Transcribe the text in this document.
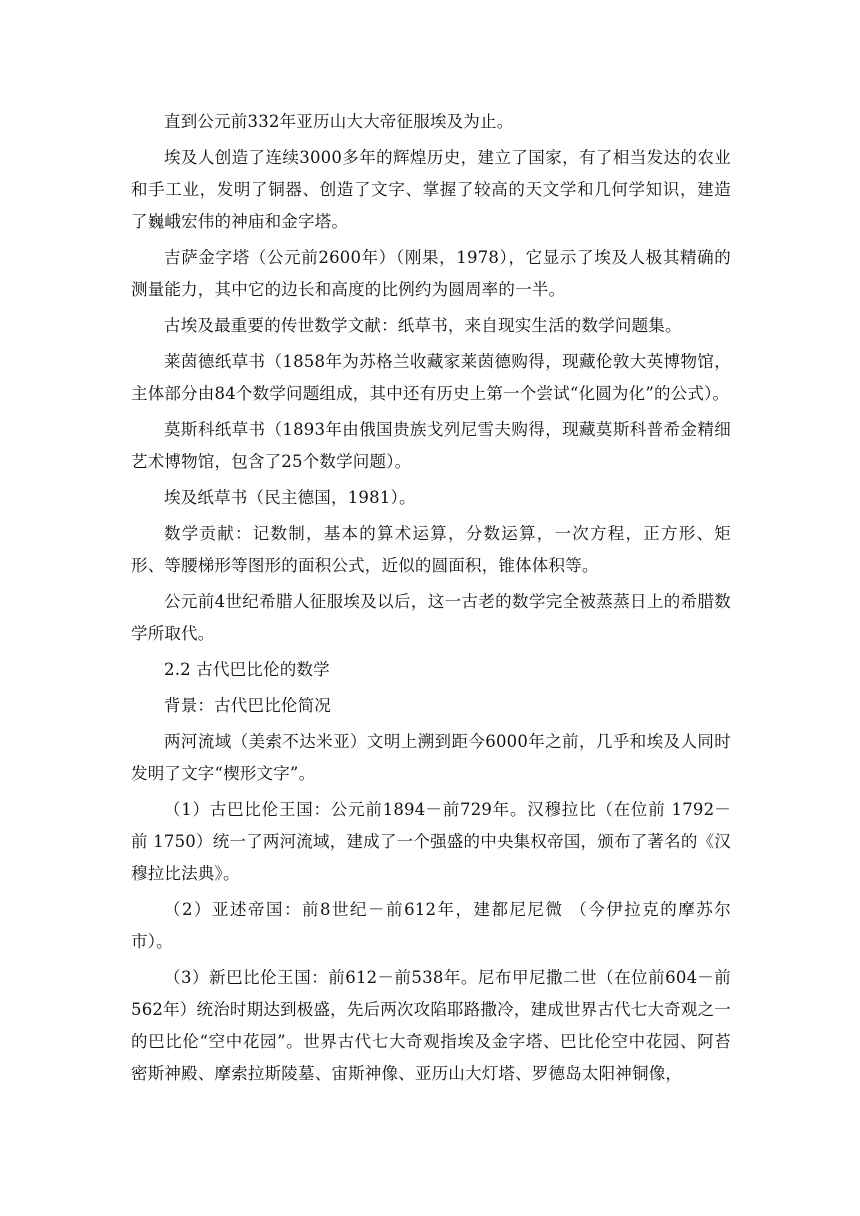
直到公元前332年亚历山大大帝征服埃及为止。

埃及人创造了连续3000多年的辉煌历史，建立了国家，有了相当发达的农业和手工业，发明了铜器、创造了文字、掌握了较高的天文学和几何学知识，建造了巍峨宏伟的神庙和金字塔。

吉萨金字塔（公元前2600年）（刚果，1978），它显示了埃及人极其精确的测量能力，其中它的边长和高度的比例约为圆周率的一半。

古埃及最重要的传世数学文献：纸草书，来自现实生活的数学问题集。

莱茵德纸草书（1858年为苏格兰收藏家莱茵德购得，现藏伦敦大英博物馆，主体部分由84个数学问题组成，其中还有历史上第一个尝试“化圆为化”的公式）。

莫斯科纸草书（1893年由俄国贵族戈列尼雪夫购得，现藏莫斯科普希金精细艺术博物馆，包含了25个数学问题）。

埃及纸草书（民主德国，1981）。

数学贡献：记数制，基本的算术运算，分数运算，一次方程，正方形、矩形、等腰梯形等图形的面积公式，近似的圆面积，锥体体积等。

公元前4世纪希腊人征服埃及以后，这一古老的数学完全被蒸蒸日上的希腊数学所取代。

2.2 古代巴比伦的数学

背景：古代巴比伦简况

两河流域（美索不达米亚）文明上溯到距今6000年之前，几乎和埃及人同时发明了文字“楔形文字”。

（1）古巴比伦王国：公元前1894－前729年。汉穆拉比（在位前 1792－前 1750）统一了两河流域，建成了一个强盛的中央集权帝国，颁布了著名的《汉穆拉比法典》。

（2）亚述帝国：前8世纪－前612年，建都尼尼微 （今伊拉克的摩苏尔市）。

（3）新巴比伦王国：前612－前538年。尼布甲尼撒二世（在位前604－前562年）统治时期达到极盛，先后两次攻陷耶路撒冷，建成世界古代七大奇观之一的巴比伦“空中花园”。世界古代七大奇观指埃及金字塔、巴比伦空中花园、阿苔密斯神殿、摩索拉斯陵墓、宙斯神像、亚历山大灯塔、罗德岛太阳神铜像，
